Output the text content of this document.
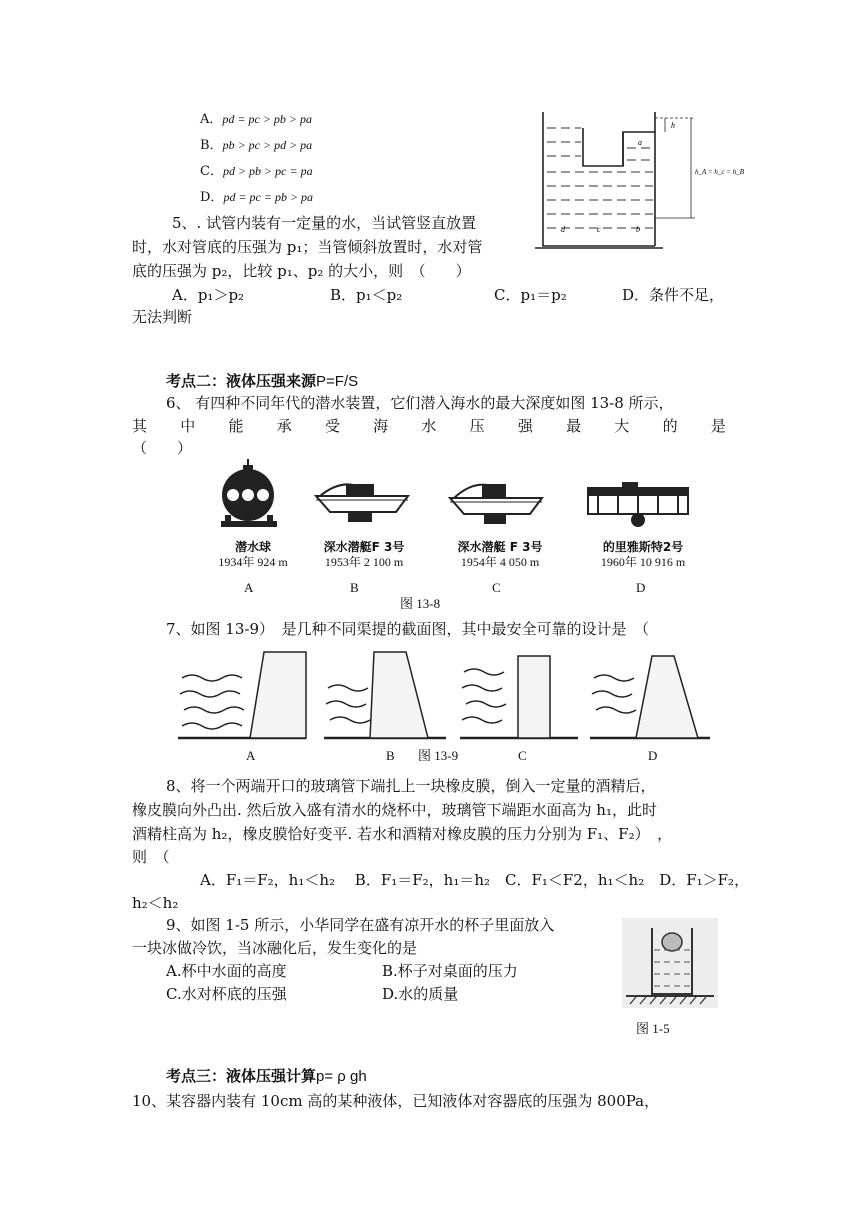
A．pd = pc > pb > pa
B．pb > pc > pd > pa
C．pd > pb > pc = pa
D．pd = pc = pb > pa
h
a
b
c
d
h_A = h_c = h_B
5、. 试管内装有一定量的水，当试管竖直放置
时，水对管底的压强为 p₁；当管倾斜放置时，水对管
底的压强为 p₂，比较 p₁、p₂ 的大小，则　（　　）
A．p₁＞p₂	B．p₁＜p₂	C．p₁＝p₂	D．条件不足，
无法判断
考点二：液体压强来源P=F/S
6、 有四种不同年代的潜水装置，它们潜入海水的最大深度如图 13-8 所示，
其 中 能 承 受 海 水 压 强 最 大 的 是
（　　）
潜水球
1934年 924 m
深水潜艇F 3号
1953年 2 100 m
深水潜艇 F 3号
1954年 4 050 m
的里雅斯特2号
1960年 10 916 m
A	B	C	D
图 13-8
7、如图 13-9）　是几种不同渠提的截面图，其中最安全可靠的设计是　（
A	B 图 13-9	C	D
8、将一个两端开口的玻璃管下端扎上一块橡皮膜，倒入一定量的酒精后，
橡皮膜向外凸出. 然后放入盛有清水的烧杯中，玻璃管下端距水面高为 h₁，此时
酒精柱高为 h₂，橡皮膜恰好变平. 若水和酒精对橡皮膜的压力分别为 F₁、F₂）　，
则　（
A．F₁＝F₂，h₁＜h₂　 B．F₁＝F₂，h₁＝h₂　C．F₁＜F2，h₁＜h₂　D．F₁＞F₂，
h₂＜h₂
9、如图 1-5 所示，小华同学在盛有凉开水的杯子里面放入
一块冰做冷饮，当冰融化后，发生变化的是
A.杯中水面的高度	B.杯子对桌面的压力
C.水对杯底的压强	D.水的质量
图 1-5
考点三：液体压强计算p= ρ gh
10、某容器内装有 10cm 高的某种液体，已知液体对容器底的压强为 800Pa，
